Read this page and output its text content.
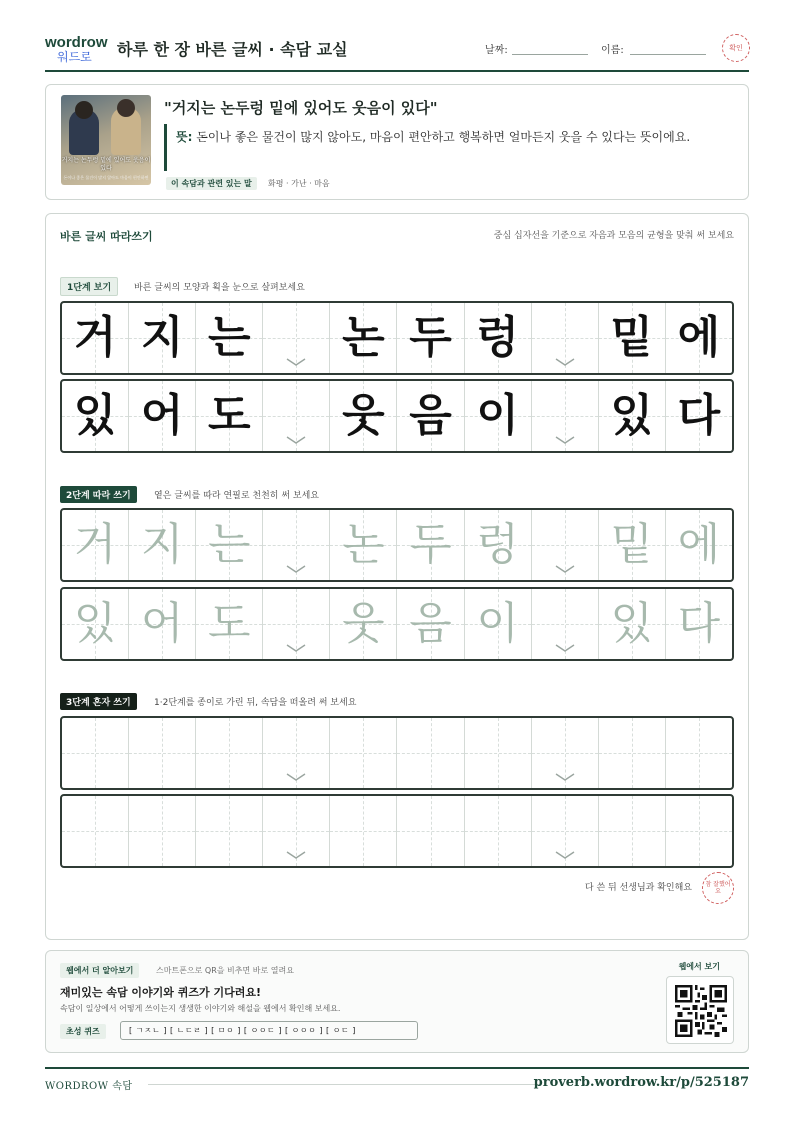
wordrow
워드로 하루 한 장 바른 글씨 · 속담 교실	날짜:	이름:	확인
거지는 논두렁 밑에 있어도 웃음이 있다
돈이나 좋은 물건이 많지 않아도 마음이 편안하면
"거지는 논두렁 밑에 있어도 웃음이 있다"
뜻: 돈이나 좋은 물건이 많지 않아도, 마음이 편안하고 행복하면 얼마든지 웃을 수 있다는 뜻이에요.
이 속담과 관련 있는 말	화평 · 가난 · 마음
바른 글씨 따라쓰기	중심 십자선을 기준으로 자음과 모음의 균형을 맞춰 써 보세요
1단계 보기	바른 글씨의 모양과 획을 눈으로 살펴보세요
거 지 는 논 두 렁 밑 에
있 어 도 웃 음 이 있 다
2단계 따라 쓰기	옅은 글씨를 따라 연필로 천천히 써 보세요
거 지 는 논 두 렁 밑 에
있 어 도 웃 음 이 있 다
3단계 혼자 쓰기	1·2단계를 종이로 가린 뒤, 속담을 떠올려 써 보세요
다 쓴 뒤 선생님과 확인해요	참 잘했어요
웹에서 더 알아보기	스마트폰으로 QR을 비추면 바로 열려요
재미있는 속담 이야기와 퀴즈가 기다려요!
속담이 일상에서 어떻게 쓰이는지 생생한 이야기와 해설을 웹에서 확인해 보세요.
초성 퀴즈	[ ㄱㅈㄴ ] [ ㄴㄷㄹ ] [ ㅁㅇ ] [ ㅇㅇㄷ ] [ ㅇㅇㅇ ] [ ㅇㄷ ]
웹에서 보기
WORDROW 속담	proverb.wordrow.kr/p/525187
